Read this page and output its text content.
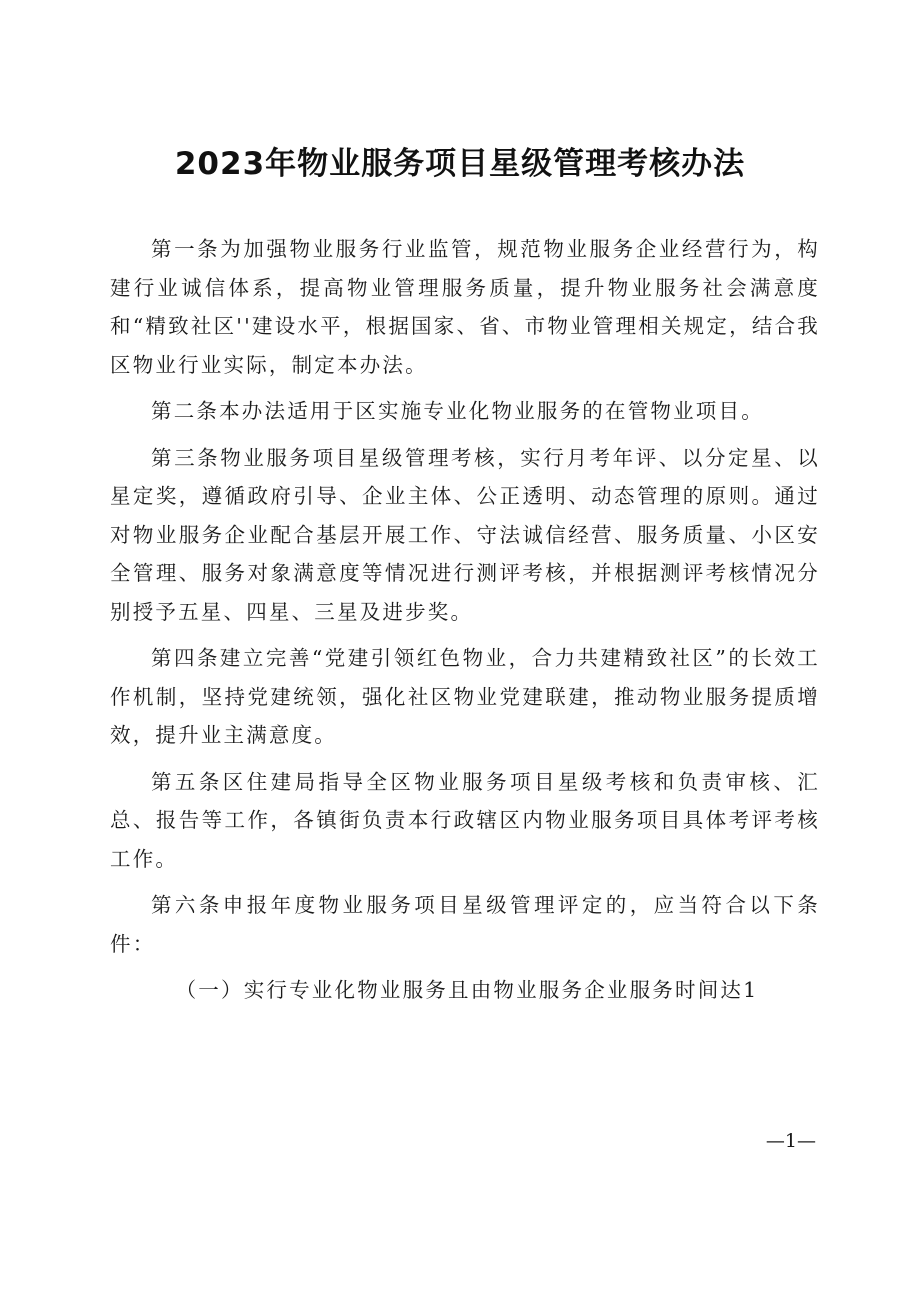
2023年物业服务项目星级管理考核办法

第一条为加强物业服务行业监管，规范物业服务企业经营行为，构建行业诚信体系，提高物业管理服务质量，提升物业服务社会满意度和“精致社区''建设水平，根据国家、省、市物业管理相关规定，结合我区物业行业实际，制定本办法。

第二条本办法适用于区实施专业化物业服务的在管物业项目。

第三条物业服务项目星级管理考核，实行月考年评、以分定星、以星定奖，遵循政府引导、企业主体、公正透明、动态管理的原则。通过对物业服务企业配合基层开展工作、守法诚信经营、服务质量、小区安全管理、服务对象满意度等情况进行测评考核，并根据测评考核情况分别授予五星、四星、三星及进步奖。

第四条建立完善“党建引领红色物业，合力共建精致社区”的长效工作机制，坚持党建统领，强化社区物业党建联建，推动物业服务提质增效，提升业主满意度。

第五条区住建局指导全区物业服务项目星级考核和负责审核、汇总、报告等工作，各镇街负责本行政辖区内物业服务项目具体考评考核工作。

第六条申报年度物业服务项目星级管理评定的，应当符合以下条件：

（一）实行专业化物业服务且由物业服务企业服务时间达1

—1—
